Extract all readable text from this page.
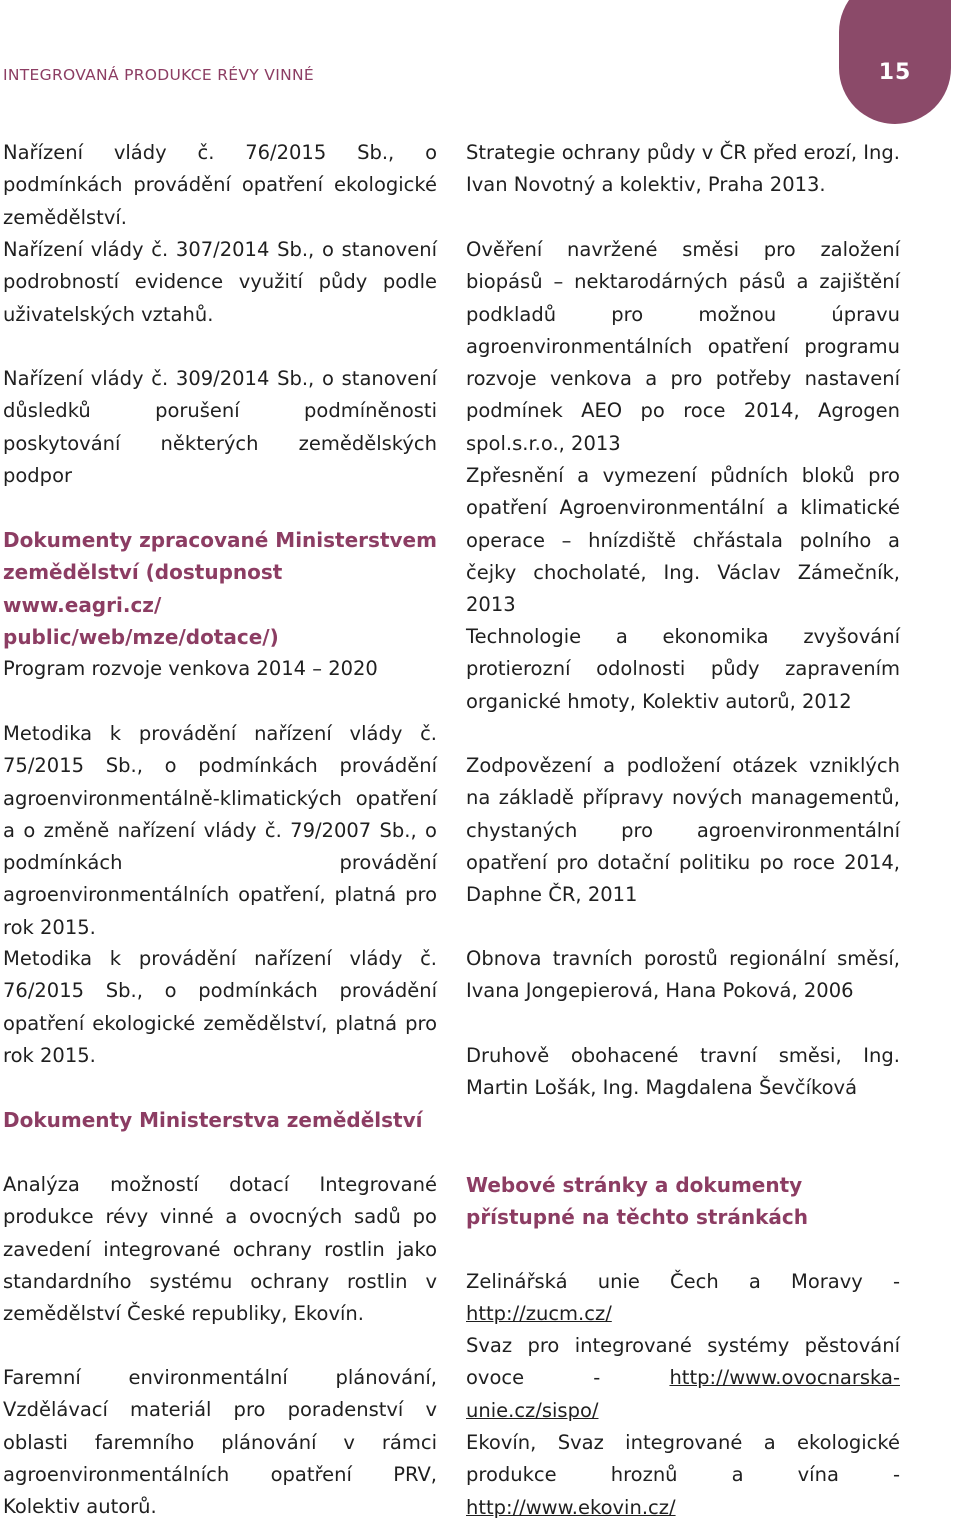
INTEGROVANÁ PRODUKCE RÉVY VINNÉ	15
Nařízení vlády č. 76/2015 Sb., o podmínkách provádění opatření ekologické zemědělství.
Nařízení vlády č. 307/2014 Sb., o stanovení podrobností evidence využití půdy podle uživatelských vztahů.
Nařízení vlády č. 309/2014 Sb., o stanovení důsledků porušení podmíněnosti poskytování některých zemědělských podpor
Dokumenty zpracované Ministerstvem zemědělství (dostupnost www.eagri.cz/ public/web/mze/dotace/)
Program rozvoje venkova 2014 – 2020
Metodika k provádění nařízení vlády č. 75/2015 Sb., o podmínkách provádění agroenvironmentálně-klimatických opatření a o změně nařízení vlády č. 79/2007 Sb., o podmínkách provádění agroenvironmentálních opatření, platná pro rok 2015.
Metodika k provádění nařízení vlády č. 76/2015 Sb., o podmínkách provádění opatření ekologické zemědělství, platná pro rok 2015.
Dokumenty Ministerstva zemědělství
Analýza možností dotací Integrované produkce révy vinné a ovocných sadů po zavedení integrované ochrany rostlin jako standardního systému ochrany rostlin v zemědělství České republiky, Ekovín.
Faremní environmentální plánování, Vzdělávací materiál pro poradenství v oblasti faremního plánování v rámci agroenvironmentálních opatření PRV, Kolektiv autorů.
Strategie ochrany půdy v ČR před erozí, Ing. Ivan Novotný a kolektiv, Praha 2013.
Ověření navržené směsi pro založení biopásů – nektarodárných pásů a zajištění podkladů pro možnou úpravu agroenvironmentálních opatření programu rozvoje venkova a pro potřeby nastavení podmínek AEO po roce 2014, Agrogen spol.s.r.o., 2013
Zpřesnění a vymezení půdních bloků pro opatření Agroenvironmentální a klimatické operace – hnízdiště chřástala polního a čejky chocholaté, Ing. Václav Zámečník, 2013
Technologie a ekonomika zvyšování protierozní odolnosti půdy zapravením organické hmoty, Kolektiv autorů, 2012
Zodpovězení a podložení otázek vzniklých na základě přípravy nových managementů, chystaných pro agroenvironmentální opatření pro dotační politiku po roce 2014, Daphne ČR, 2011
Obnova travních porostů regionální směsí, Ivana Jongepierová, Hana Poková, 2006
Druhově obohacené travní směsi, Ing. Martin Lošák, Ing. Magdalena Ševčíková
Webové stránky a dokumenty přístupné na těchto stránkách
Zelinářská unie Čech a Moravy - http://zucm.cz/
Svaz pro integrované systémy pěstování ovoce - http://www.ovocnarska-unie.cz/sispo/
Ekovín, Svaz integrované a ekologické produkce hroznů a vína - http://www.ekovin.cz/
